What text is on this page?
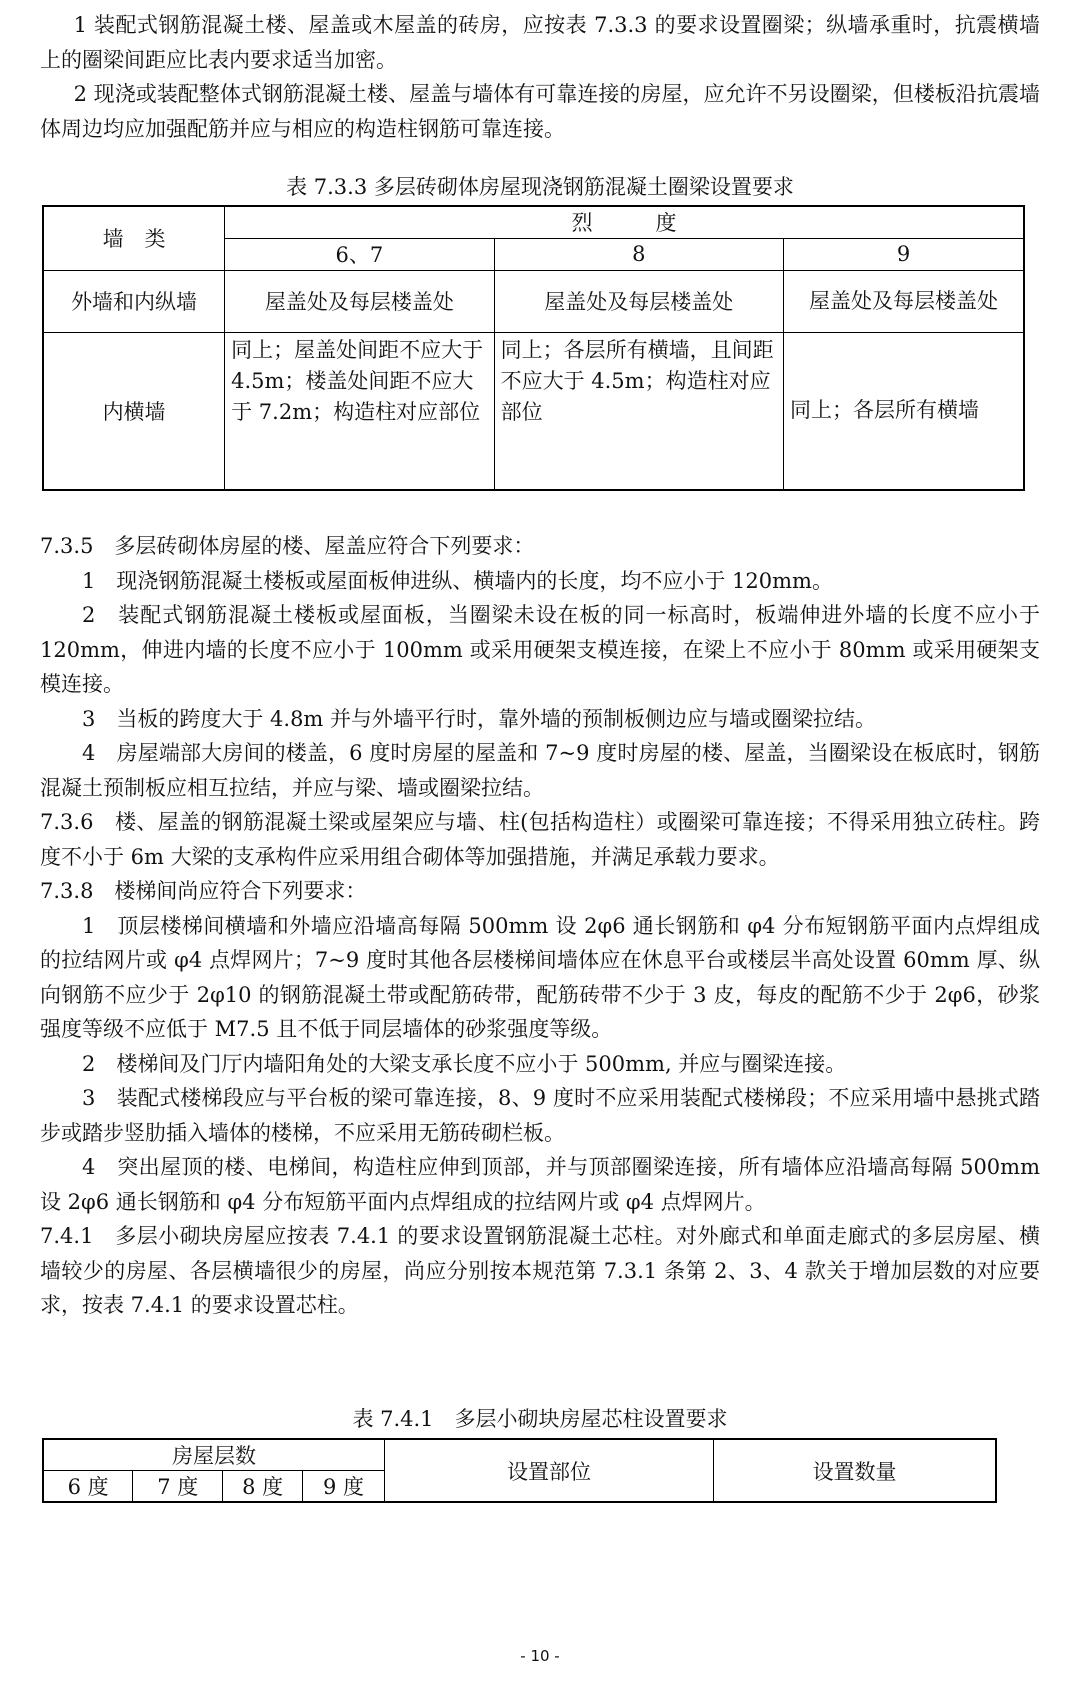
1 装配式钢筋混凝土楼、屋盖或木屋盖的砖房，应按表 7.3.3 的要求设置圈梁；纵墙承重时，抗震横墙上的圈梁间距应比表内要求适当加密。

2 现浇或装配整体式钢筋混凝土楼、屋盖与墙体有可靠连接的房屋，应允许不另设圈梁，但楼板沿抗震墙体周边均应加强配筋并应与相应的构造柱钢筋可靠连接。

表 7.3.3 多层砖砌体房屋现浇钢筋混凝土圈梁设置要求
墙　类	烈　　　度		
	6、7	8	9
外墙和内纵墙	屋盖处及每层楼盖处	屋盖处及每层楼盖处	屋盖处及每层楼盖处
内横墙	同上；屋盖处间距不应大于4.5m；楼盖处间距不应大于 7.2m；构造柱对应部位	同上；各层所有横墙，且间距不应大于 4.5m；构造柱对应部位	同上；各层所有横墙

7.3.5　多层砖砌体房屋的楼、屋盖应符合下列要求：

1　现浇钢筋混凝土楼板或屋面板伸进纵、横墙内的长度，均不应小于 120mm。

2　装配式钢筋混凝土楼板或屋面板，当圈梁未设在板的同一标高时，板端伸进外墙的长度不应小于 120mm，伸进内墙的长度不应小于 100mm 或采用硬架支模连接，在梁上不应小于 80mm 或采用硬架支模连接。

3　当板的跨度大于 4.8m 并与外墙平行时，靠外墙的预制板侧边应与墙或圈梁拉结。

4　房屋端部大房间的楼盖，6 度时房屋的屋盖和 7~9 度时房屋的楼、屋盖，当圈梁设在板底时，钢筋混凝土预制板应相互拉结，并应与梁、墙或圈梁拉结。

7.3.6　楼、屋盖的钢筋混凝土梁或屋架应与墙、柱(包括构造柱）或圈梁可靠连接；不得采用独立砖柱。跨度不小于 6m 大梁的支承构件应采用组合砌体等加强措施，并满足承载力要求。

7.3.8　楼梯间尚应符合下列要求：

1　顶层楼梯间横墙和外墙应沿墙高每隔 500mm 设 2φ6 通长钢筋和 φ4 分布短钢筋平面内点焊组成的拉结网片或 φ4 点焊网片；7~9 度时其他各层楼梯间墙体应在休息平台或楼层半高处设置 60mm 厚、纵向钢筋不应少于 2φ10 的钢筋混凝土带或配筋砖带，配筋砖带不少于 3 皮，每皮的配筋不少于 2φ6，砂浆强度等级不应低于 M7.5 且不低于同层墙体的砂浆强度等级。

2　楼梯间及门厅内墙阳角处的大梁支承长度不应小于 500mm, 并应与圈梁连接。

3　装配式楼梯段应与平台板的梁可靠连接，8、9 度时不应采用装配式楼梯段；不应采用墙中悬挑式踏步或踏步竖肋插入墙体的楼梯，不应采用无筋砖砌栏板。

4　突出屋顶的楼、电梯间，构造柱应伸到顶部，并与顶部圈梁连接，所有墙体应沿墙高每隔 500mm 设 2φ6 通长钢筋和 φ4 分布短筋平面内点焊组成的拉结网片或 φ4 点焊网片。

7.4.1　多层小砌块房屋应按表 7.4.1 的要求设置钢筋混凝土芯柱。对外廊式和单面走廊式的多层房屋、横墙较少的房屋、各层横墙很少的房屋，尚应分别按本规范第 7.3.1 条第 2、3、4 款关于增加层数的对应要求，按表 7.4.1 的要求设置芯柱。

表 7.4.1　多层小砌块房屋芯柱设置要求
房屋层数				设置部位	设置数量
6 度	7 度	8 度	9 度		
- 10 -
